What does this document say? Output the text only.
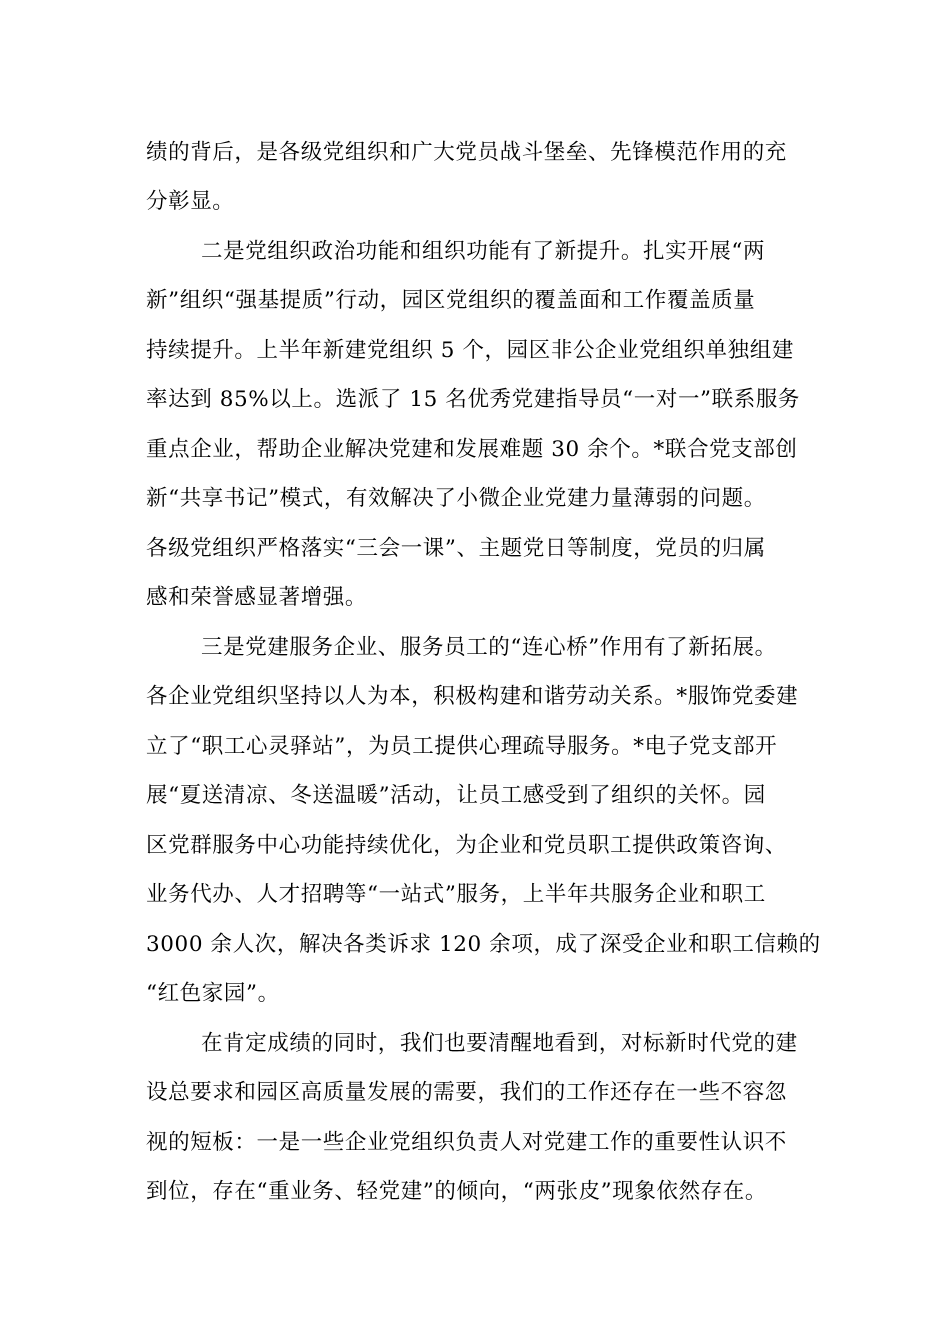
绩的背后，是各级党组织和广大党员战斗堡垒、先锋模范作用的充
分彰显。
二是党组织政治功能和组织功能有了新提升。扎实开展“两
新”组织“强基提质”行动，园区党组织的覆盖面和工作覆盖质量
持续提升。上半年新建党组织 5 个，园区非公企业党组织单独组建
率达到 85%以上。选派了 15 名优秀党建指导员“一对一”联系服务
重点企业，帮助企业解决党建和发展难题 30 余个。*联合党支部创
新“共享书记”模式，有效解决了小微企业党建力量薄弱的问题。
各级党组织严格落实“三会一课”、主题党日等制度，党员的归属
感和荣誉感显著增强。
三是党建服务企业、服务员工的“连心桥”作用有了新拓展。
各企业党组织坚持以人为本，积极构建和谐劳动关系。*服饰党委建
立了“职工心灵驿站”，为员工提供心理疏导服务。*电子党支部开
展“夏送清凉、冬送温暖”活动，让员工感受到了组织的关怀。园
区党群服务中心功能持续优化，为企业和党员职工提供政策咨询、
业务代办、人才招聘等“一站式”服务，上半年共服务企业和职工
3000 余人次，解决各类诉求 120 余项，成了深受企业和职工信赖的
“红色家园”。
在肯定成绩的同时，我们也要清醒地看到，对标新时代党的建
设总要求和园区高质量发展的需要，我们的工作还存在一些不容忽
视的短板：一是一些企业党组织负责人对党建工作的重要性认识不
到位，存在“重业务、轻党建”的倾向，“两张皮”现象依然存在。
